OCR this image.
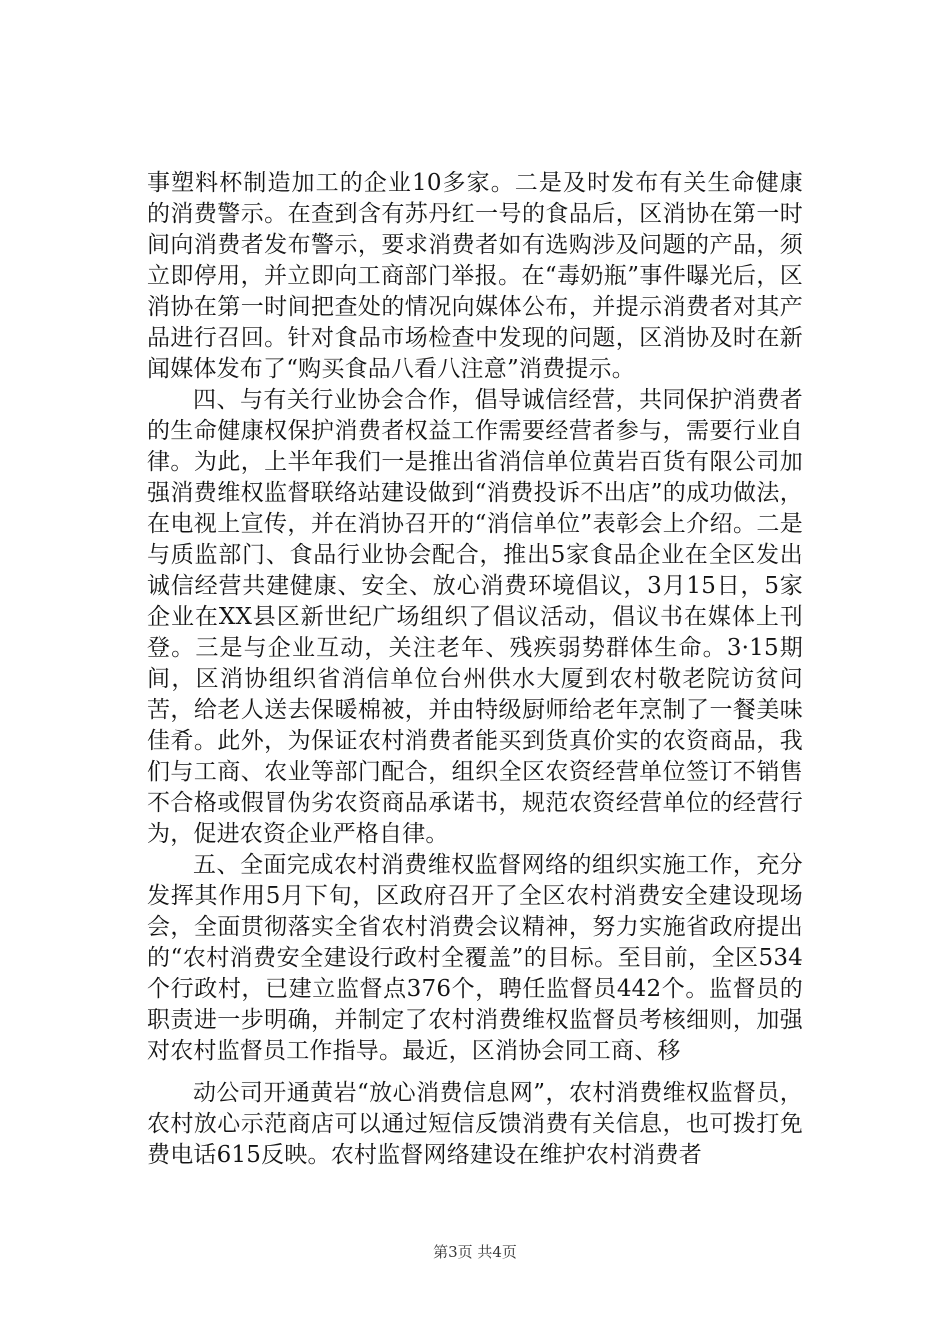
事塑料杯制造加工的企业10多家。二是及时发布有关生命健康的消费警示。在查到含有苏丹红一号的食品后，区消协在第一时间向消费者发布警示，要求消费者如有选购涉及问题的产品，须立即停用，并立即向工商部门举报。在“毒奶瓶”事件曝光后，区消协在第一时间把查处的情况向媒体公布，并提示消费者对其产品进行召回。针对食品市场检查中发现的问题，区消协及时在新闻媒体发布了“购买食品八看八注意”消费提示。

四、与有关行业协会合作，倡导诚信经营，共同保护消费者的生命健康权保护消费者权益工作需要经营者参与，需要行业自律。为此，上半年我们一是推出省消信单位黄岩百货有限公司加强消费维权监督联络站建设做到“消费投诉不出店”的成功做法，在电视上宣传，并在消协召开的“消信单位”表彰会上介绍。二是与质监部门、食品行业协会配合，推出5家食品企业在全区发出诚信经营共建健康、安全、放心消费环境倡议，3月15日，5家企业在XX县区新世纪广场组织了倡议活动，倡议书在媒体上刊登。三是与企业互动，关注老年、残疾弱势群体生命。3·15期间，区消协组织省消信单位台州供水大厦到农村敬老院访贫问苦，给老人送去保暖棉被，并由特级厨师给老年烹制了一餐美味佳肴。此外，为保证农村消费者能买到货真价实的农资商品，我们与工商、农业等部门配合，组织全区农资经营单位签订不销售不合格或假冒伪劣农资商品承诺书，规范农资经营单位的经营行为，促进农资企业严格自律。

五、全面完成农村消费维权监督网络的组织实施工作，充分发挥其作用5月下旬，区政府召开了全区农村消费安全建设现场会，全面贯彻落实全省农村消费会议精神，努力实施省政府提出的“农村消费安全建设行政村全覆盖”的目标。至目前，全区534个行政村，已建立监督点376个，聘任监督员442个。监督员的职责进一步明确，并制定了农村消费维权监督员考核细则，加强对农村监督员工作指导。最近，区消协会同工商、移

动公司开通黄岩“放心消费信息网”，农村消费维权监督员，农村放心示范商店可以通过短信反馈消费有关信息，也可拨打免费电话615反映。农村监督网络建设在维护农村消费者

第3页 共4页
